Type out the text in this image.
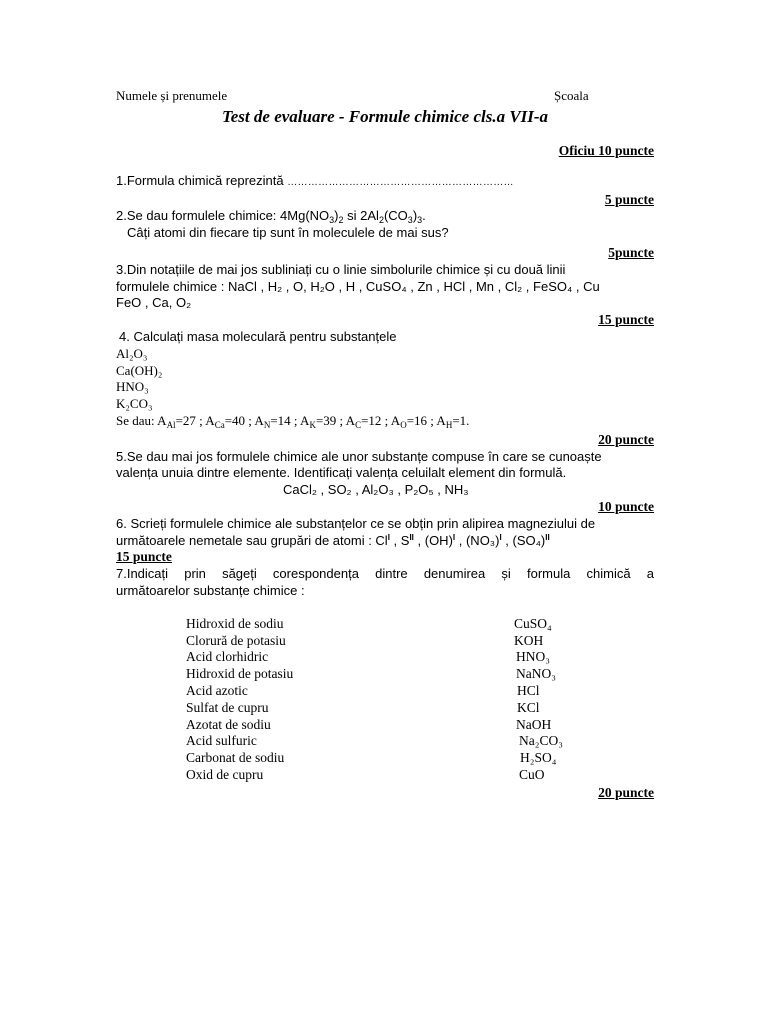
Numele și prenumele	Școala
Test de evaluare - Formule chimice cls.a VII-a
Oficiu 10 puncte
1.Formula chimică reprezintă …………………………………………………………
5 puncte
2.Se dau formulele chimice: $4Mg(NO_3)_2$ si $2Al_2(CO_3)_3$.
Câți atomi din fiecare tip sunt în moleculele de mai sus?
5puncte
3.Din notațiile de mai jos subliniați cu o linie simbolurile chimice și cu două linii
formulele chimice : NaCl , H₂ , O, H₂O , H , CuSO₄ , Zn , HCl , Mn , Cl₂ , FeSO₄ , Cu
FeO , Ca, O₂
15 puncte
4. Calculați masa moleculară pentru substanțele
Al₂O₃
Ca(OH)₂
HNO₃
K₂CO₃
Se dau: $A_{Al}=27$ ; $A_{Ca}=40$ ; $A_N=14$ ; $A_K=39$ ; $A_C=12$ ; $A_O=16$ ; $A_H=1$.
20 puncte
5.Se dau mai jos formulele chimice ale unor substanțe compuse în care se cunoaște
valența unuia dintre elemente. Identificați valența celuilalt element din formulă.
CaCl₂ , SO₂ , Al₂O₃ , P₂O₅ , NH₃
10 puncte
6. Scrieți formulele chimice ale substanțelor ce se obțin prin alipirea magneziului de
următoarele nemetale sau grupări de atomi : $Cl^I$ , $S^{II}$ , (OH)$^I$ , $(NO_3)^I$ , $(SO_4)^{II}$
15 puncte
7.Indicați prin săgeți corespondența dintre denumirea și formula chimică a
următoarelor substanțe chimice :
Hidroxid de sodiu	CuSO₄
Clorură de potasiu	KOH
Acid clorhidric	HNO₃
Hidroxid de potasiu	NaNO₃
Acid azotic	HCl
Sulfat de cupru	KCl
Azotat de sodiu	NaOH
Acid sulfuric	Na₂CO₃
Carbonat de sodiu	H₂SO₄
Oxid de cupru	CuO
20 puncte
